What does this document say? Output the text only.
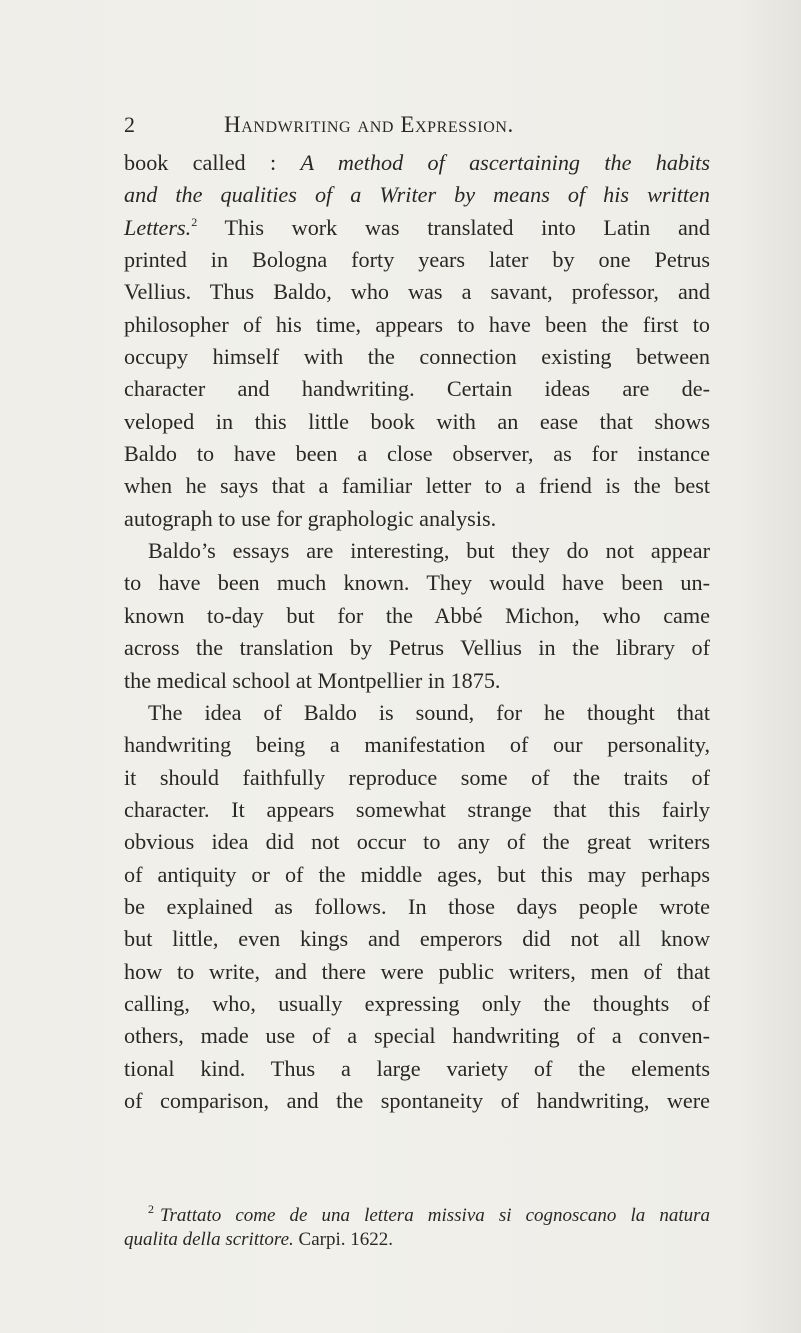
2	Handwriting and Expression.
book called : A method of ascertaining the habits
and the qualities of a Writer by means of his written
Letters.$^2$ This work was translated into Latin and
printed in Bologna forty years later by one Petrus
Vellius. Thus Baldo, who was a savant, professor, and
philosopher of his time, appears to have been the first to
occupy himself with the connection existing between
character and handwriting. Certain ideas are de-
veloped in this little book with an ease that shows
Baldo to have been a close observer, as for instance
when he says that a familiar letter to a friend is the best
autograph to use for graphologic analysis.
Baldo’s essays are interesting, but they do not appear
to have been much known. They would have been un-
known to-day but for the Abbé Michon, who came
across the translation by Petrus Vellius in the library of
the medical school at Montpellier in 1875.
The idea of Baldo is sound, for he thought that
handwriting being a manifestation of our personality,
it should faithfully reproduce some of the traits of
character. It appears somewhat strange that this fairly
obvious idea did not occur to any of the great writers
of antiquity or of the middle ages, but this may perhaps
be explained as follows. In those days people wrote
but little, even kings and emperors did not all know
how to write, and there were public writers, men of that
calling, who, usually expressing only the thoughts of
others, made use of a special handwriting of a conven-
tional kind. Thus a large variety of the elements
of comparison, and the spontaneity of handwriting, were
$^2$ Trattato come de una lettera missiva si cognoscano la natura
qualita della scrittore. Carpi. 1622.
